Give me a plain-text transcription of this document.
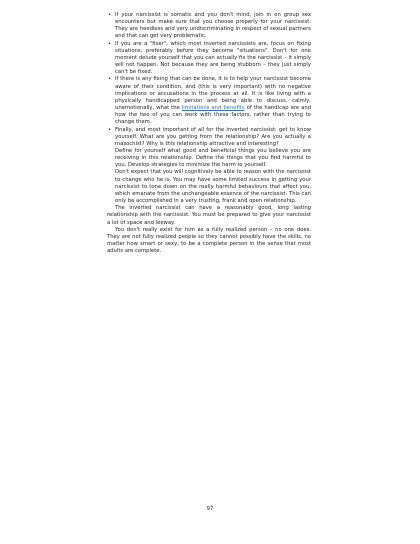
• If your narcissist is somatic and you don't mind, join in on group sex encounters but make sure that you choose properly for your narcissist. They are heedless and very undiscriminating in respect of sexual partners and that can get very problematic.
• If you are a "fixer", which most inverted narcissists are, focus on fixing situations, preferably before they become "situations". Don't for one moment delude yourself that you can actually fix the narcissist – it simply will not happen. Not because they are being stubborn – they just simply can't be fixed.
• If there is any fixing that can be done, it is to help your narcissist become aware of their condition, and (this is very important) with no negative implications or accusations in the process at all. It is like living with a physically handicapped person and being able to discuss, calmly, unemotionally, what the limitations and benefits of the handicap are and how the two of you can work with these factors, rather than trying to change them.
• Finally, and most important of all for the inverted narcissist: get to know yourself. What are you getting from the relationship? Are you actually a masochist? Why is this relationship attractive and interesting?

Define for yourself what good and beneficial things you believe you are receiving in this relationship. Define the things that you find harmful to you. Develop strategies to minimize the harm to yourself.

Don't expect that you will cognitively be able to reason with the narcissist to change who he is. You may have some limited success in getting your narcissist to tone down on the really harmful behaviours that affect you, which emanate from the unchangeable essence of the narcissist. This can only be accomplished in a very trusting, frank and open relationship.

The inverted narcissist can have a reasonably good, long lasting relationship with the narcissist. You must be prepared to give your narcissist a lot of space and leeway.

You don't really exist for him as a fully realized person – no one does. They are not fully realized people so they cannot possibly have the skills, no matter how smart or sexy, to be a complete person in the sense that most adults are complete.

97
